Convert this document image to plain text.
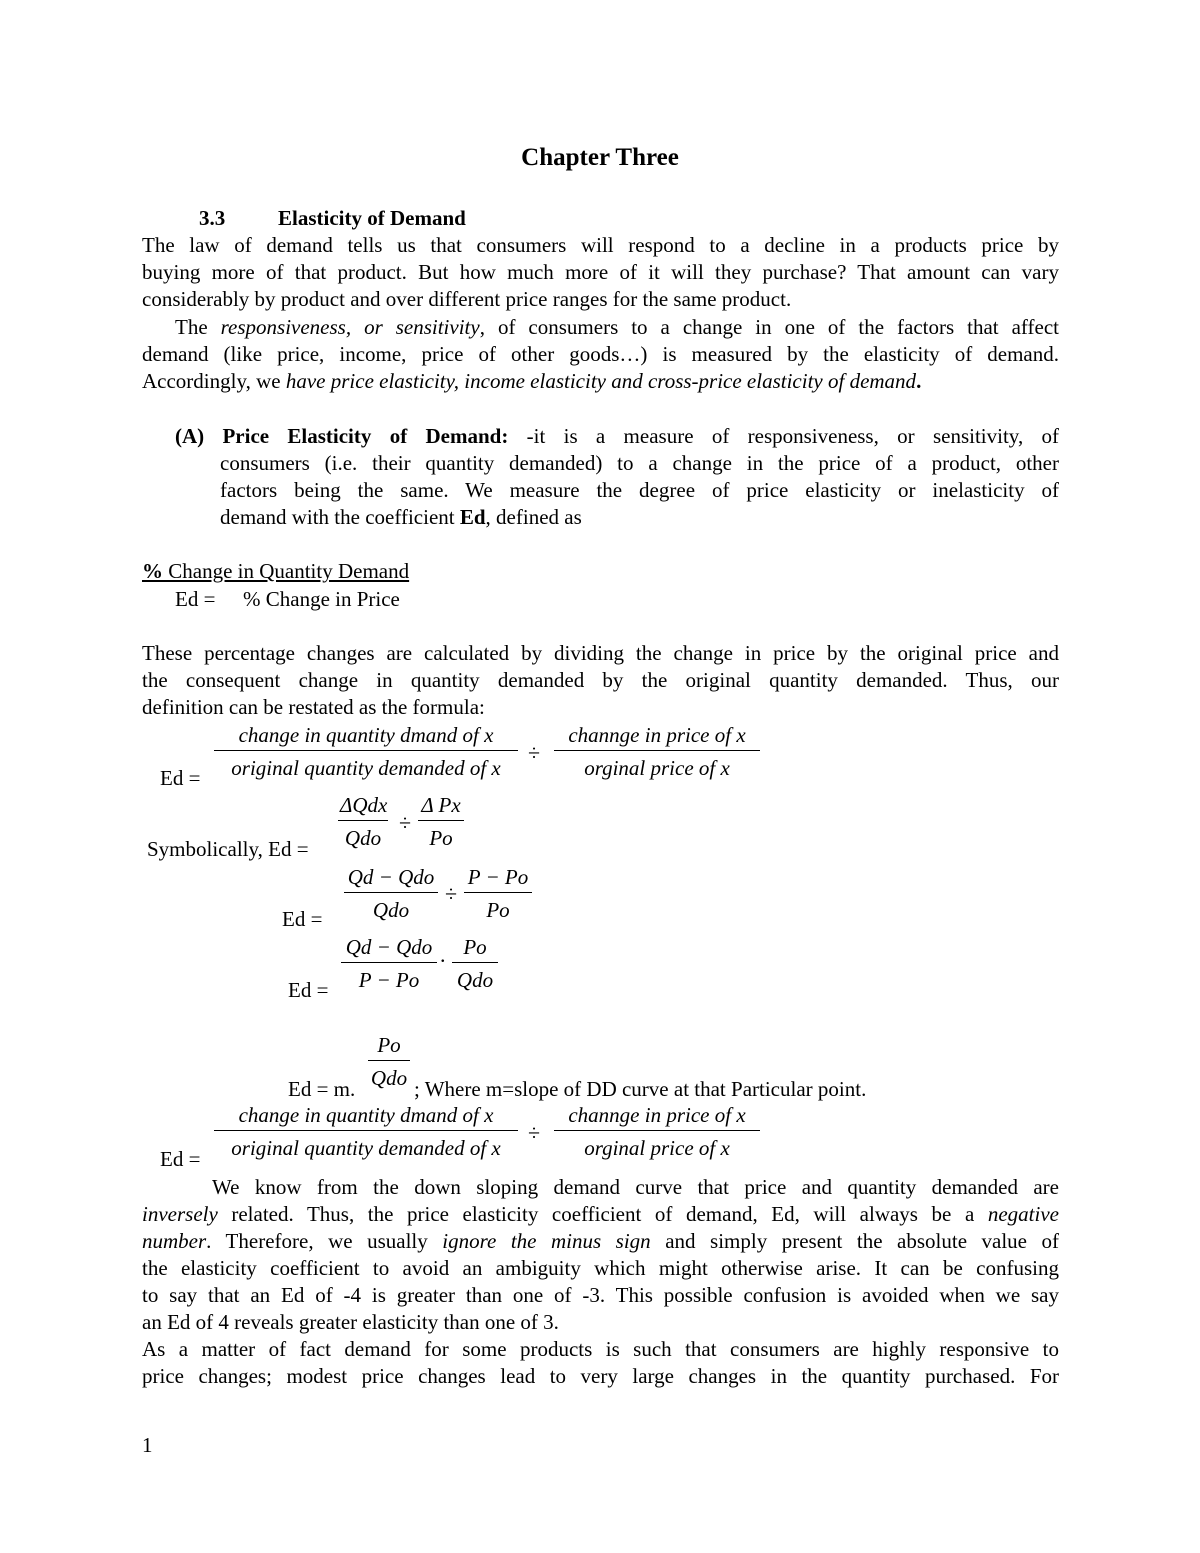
Chapter Three
3.3	Elasticity of Demand
The law of demand tells us that consumers will respond to a decline in a products price by
buying more of that product. But how much more of it will they purchase? That amount can vary
considerably by product and over different price ranges for the same product.
The responsiveness, or sensitivity, of consumers to a change in one of the factors that affect
demand (like price, income, price of other goods…) is measured by the elasticity of demand.
Accordingly, we have price elasticity, income elasticity and cross-price elasticity of demand.
(A) Price Elasticity of Demand: -it is a measure of responsiveness, or sensitivity, of
consumers (i.e. their quantity demanded) to a change in the price of a product, other
factors being the same. We measure the degree of price elasticity or inelasticity of
demand with the coefficient Ed, defined as
% Change in Quantity Demand
Ed = % Change in Price
These percentage changes are calculated by dividing the change in price by the original price and
the consequent change in quantity demanded by the original quantity demanded. Thus, our
definition can be restated as the formula:
Ed =
change in quantity dmand of x
original quantity demanded of x
÷
channge in price of x
orginal price of x
Symbolically, Ed =
ΔQdx
Qdo
÷ $\frac{\text{Δ Px}}{Po}$
Ed =
Qd − Qdo
Qdo
÷ $\frac{P - Po}{Po}$
Ed =
Qd − Qdo
P − Po
. Po
Qdo
Ed = m.
Po
Qdo ; Where m=slope of DD curve at that Particular point.
Ed =
change in quantity dmand of x
original quantity demanded of x
÷
channge in price of x
orginal price of x
We know from the down sloping demand curve that price and quantity demanded are
inversely related. Thus, the price elasticity coefficient of demand, Ed, will always be a negative
number. Therefore, we usually ignore the minus sign and simply present the absolute value of
the elasticity coefficient to avoid an ambiguity which might otherwise arise. It can be confusing
to say that an Ed of -4 is greater than one of -3. This possible confusion is avoided when we say
an Ed of 4 reveals greater elasticity than one of 3.
As a matter of fact demand for some products is such that consumers are highly responsive to
price changes; modest price changes lead to very large changes in the quantity purchased. For
1
